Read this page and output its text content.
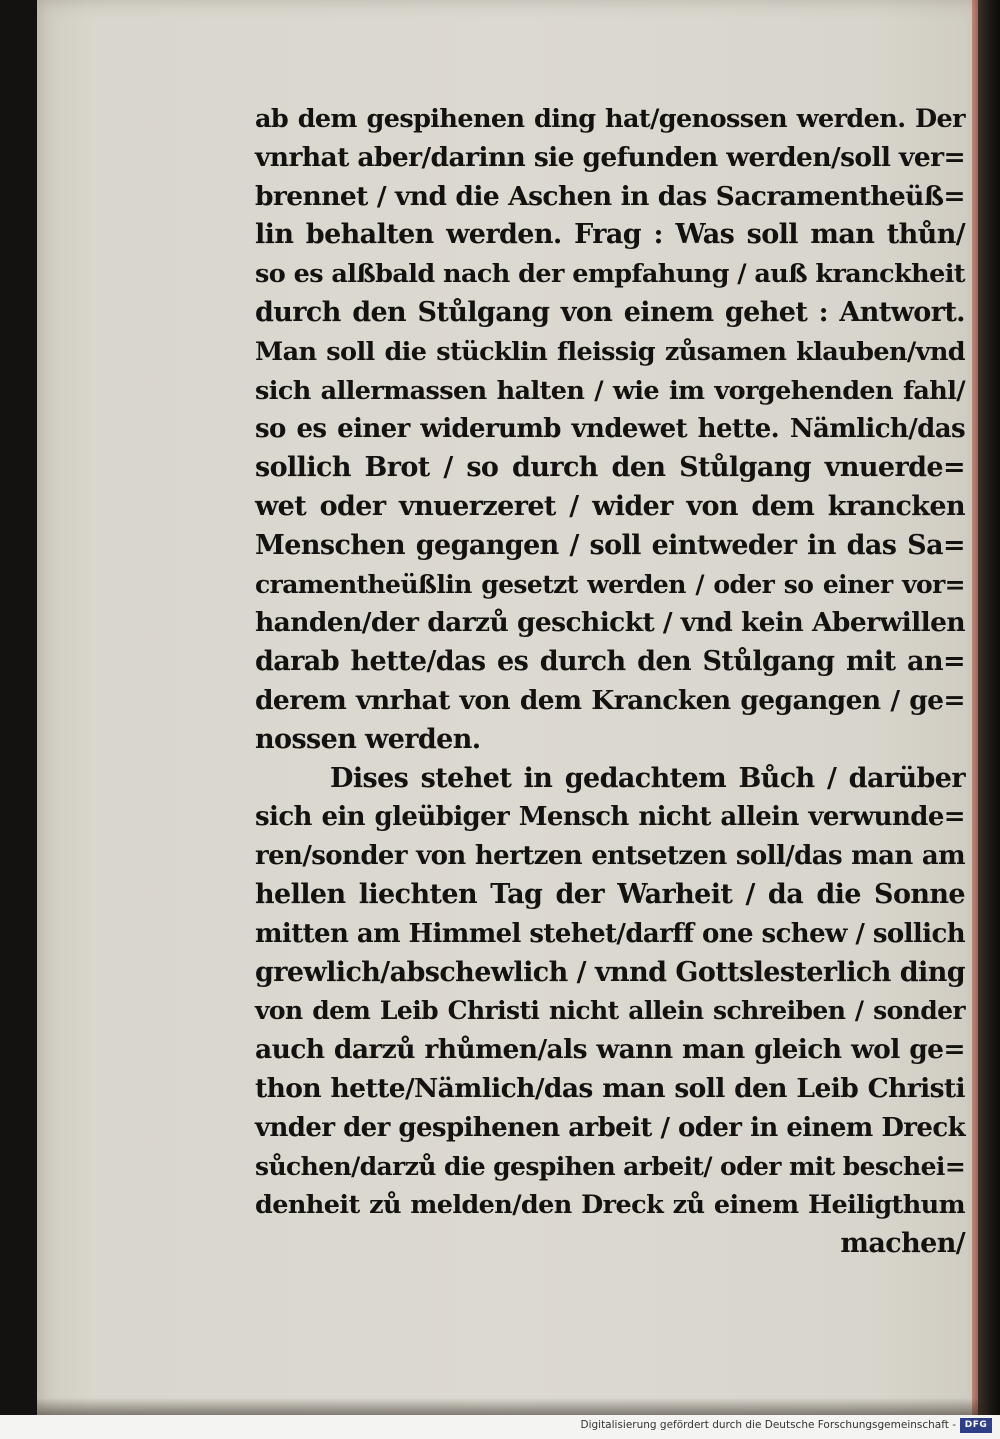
ab dem gespihenen ding hat/genossen werden. Der
vnrhat aber/darinn sie gefunden werden/soll ver=
brennet / vnd die Aschen in das Sacramentheüß=
lin behalten werden. Frag : Was soll man thůn/
so es alßbald nach der empfahung / auß kranckheit
durch den Stůlgang von einem gehet : Antwort.
Man soll die stücklin fleissig zůsamen klauben/vnd
sich allermassen halten / wie im vorgehenden fahl/
so es einer widerumb vndewet hette. Nämlich/das
sollich Brot / so durch den Stůlgang vnuerde=
wet oder vnuerzeret / wider von dem krancken
Menschen gegangen / soll eintweder in das Sa=
cramentheüßlin gesetzt werden / oder so einer vor=
handen/der darzů geschickt / vnd kein Aberwillen
darab hette/das es durch den Stůlgang mit an=
derem vnrhat von dem Krancken gegangen / ge=
nossen werden.
Dises stehet in gedachtem Bůch / darüber
sich ein gleübiger Mensch nicht allein verwunde=
ren/sonder von hertzen entsetzen soll/das man am
hellen liechten Tag der Warheit / da die Sonne
mitten am Himmel stehet/darff one schew / sollich
grewlich/abschewlich / vnnd Gottslesterlich ding
von dem Leib Christi nicht allein schreiben / sonder
auch darzů rhůmen/als wann man gleich wol ge=
thon hette/Nämlich/das man soll den Leib Christi
vnder der gespihenen arbeit / oder in einem Dreck
sůchen/darzů die gespihen arbeit/ oder mit beschei=
denheit zů melden/den Dreck zů einem Heiligthum
machen/
Digitalisierung gefördert durch die Deutsche Forschungsgemeinschaft - DFG
